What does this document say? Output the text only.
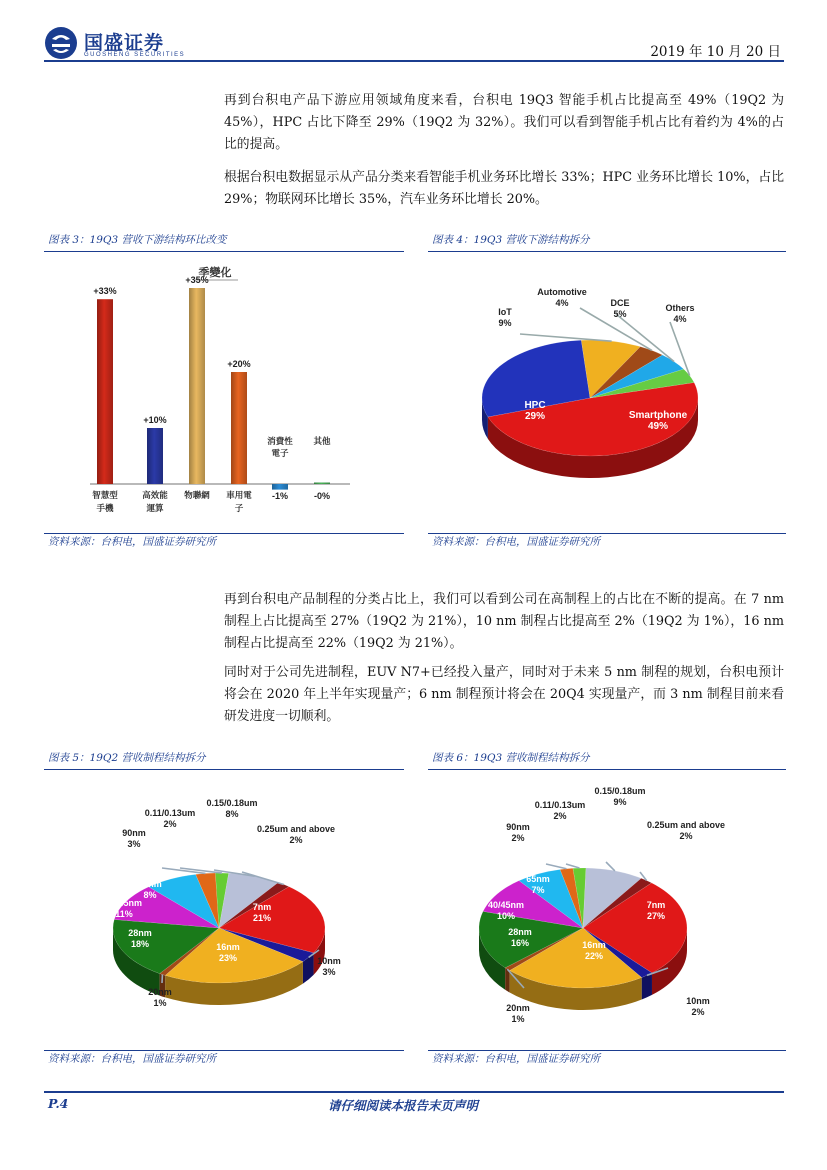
国盛证券
GUOSHENG SECURITIES	2019 年 10 月 20 日
再到台积电产品下游应用领域角度来看，台积电 19Q3 智能手机占比提高至 49%（19Q2 为 45%），HPC 占比下降至 29%（19Q2 为 32%）。我们可以看到智能手机占比有着约为 4%的占比的提高。
根据台积电数据显示从产品分类来看智能手机业务环比增长 33%；HPC 业务环比增长 10%，占比 29%；物联网环比增长 35%，汽车业务环比增长 20%。
图表 3：19Q3 营收下游结构环比改变	图表 4：19Q3 营收下游结构拆分
季變化
+33%
智慧型手機
+10%
高效能運算
+35%
物聯網
+20%
車用電子
-1%
消費性電子
-0%
其他
资料来源：台积电，国盛证券研究所
Smartphone 49%
HPC 29%
IoT 9%
Automotive 4%	DCE 5%
Others 4%
资料来源：台积电，国盛证券研究所
再到台积电产品制程的分类占比上，我们可以看到公司在高制程上的占比在不断的提高。在 7 nm 制程上占比提高至 27%（19Q2 为 21%），10 nm 制程占比提高至 2%（19Q2 为 1%），16 nm 制程占比提高至 22%（19Q2 为 21%）。
同时对于公司先进制程，EUV N7+已经投入量产，同时对于未来 5 nm 制程的规划，台积电预计将会在 2020 年上半年实现量产；6 nm 制程预计将会在 20Q4 实现量产，而 3 nm 制程目前来看研发进度一切顺利。
图表 5：19Q2 营收制程结构拆分	图表 6：19Q3 营收制程结构拆分
7nm 21%
10nm 3%
16nm 23%
20nm 1%
28nm 18%
40/45nm 11%
65nm 8%
90nm 3%
0.11/0.13um 2%
0.15/0.18um 8%
0.25um and above 2%
7nm 27%
10nm 2%
16nm 22%
20nm 1%
28nm 16%
40/45nm 10%
65nm 7%
90nm 2%
0.11/0.13um 2%
0.15/0.18um 9%
0.25um and above 2%
资料来源：台积电，国盛证券研究所	资料来源：台积电，国盛证券研究所
P.4	请仔细阅读本报告末页声明
